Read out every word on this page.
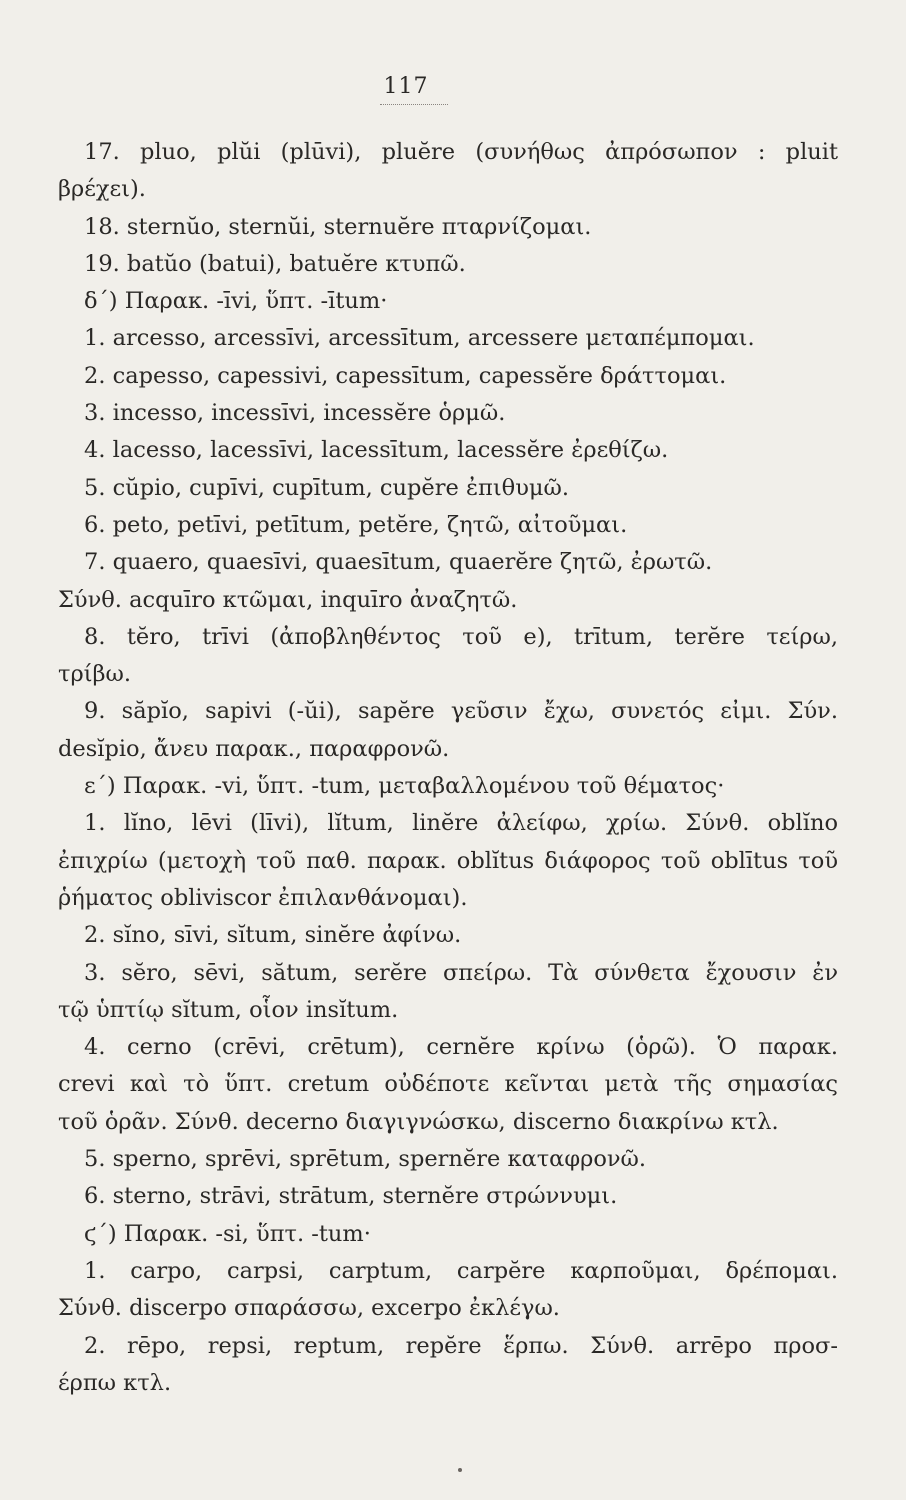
117
17. pluo, plŭi (plūvi), pluĕre (συνήθως ἀπρόσωπον : pluit
βρέχει).
18. sternŭo, sternŭi, sternuĕre πταρνίζομαι.
19. batŭo (batui), batuĕre κτυπῶ.
δ΄) Παρακ. -īvi, ὕπτ. -ītum·
1. arcesso, arcessīvi, arcessītum, arcessere μεταπέμπομαι.
2. capesso, capessivi, capessītum, capessĕre δράττομαι.
3. incesso, incessīvi, incessĕre ὁρμῶ.
4. lacesso, lacessīvi, lacessītum, lacessĕre ἐρεθίζω.
5. cŭpio, cupīvi, cupītum, cupĕre ἐπιθυμῶ.
6. peto, petīvi, petītum, petĕre, ζητῶ, αἰτοῦμαι.
7. quaero, quaesīvi, quaesītum, quaerĕre ζητῶ, ἐρωτῶ.
Σύνθ. acquīro κτῶμαι, inquīro ἀναζητῶ.
8. tĕro, trīvi (ἀποβληθέντος τοῦ e), trītum, terĕre τείρω,
τρίβω.
9. săpĭo, sapivi (-ŭi), sapĕre γεῦσιν ἔχω, συνετός εἰμι. Σύν.
desĭpio, ἄνευ παρακ., παραφρονῶ.
ε΄) Παρακ. -vi, ὕπτ. -tum, μεταβαλλομένου τοῦ θέματος·
1. lĭno, lēvi (līvi), lĭtum, linĕre ἀλείφω, χρίω. Σύνθ. oblĭno
ἐπιχρίω (μετοχὴ τοῦ παθ. παρακ. oblĭtus διάφορος τοῦ oblītus τοῦ
ῥήματος obliviscor ἐπιλανθάνομαι).
2. sĭno, sīvi, sĭtum, sinĕre ἀφίνω.
3. sĕro, sēvi, sătum, serĕre σπείρω. Τὰ σύνθετα ἔχουσιν ἐν
τῷ ὑπτίῳ sĭtum, οἷον insĭtum.
4. cerno (crēvi, crētum), cernĕre κρίνω (ὁρῶ). Ὁ παρακ.
crevi καὶ τὸ ὕπτ. cretum οὐδέποτε κεῖνται μετὰ τῆς σημασίας
τοῦ ὁρᾶν. Σύνθ. decerno διαγιγνώσκω, discerno διακρίνω κτλ.
5. sperno, sprēvi, sprētum, spernĕre καταφρονῶ.
6. sterno, strāvi, strātum, sternĕre στρώννυμι.
ϛ΄) Παρακ. -si, ὕπτ. -tum·
1. carpo, carpsi, carptum, carpĕre καρποῦμαι, δρέπομαι.
Σύνθ. discerpo σπαράσσω, excerpo ἐκλέγω.
2. rēpo, repsi, reptum, repĕre ἕρπω. Σύνθ. arrēpo προσ-
έρπω κτλ.
